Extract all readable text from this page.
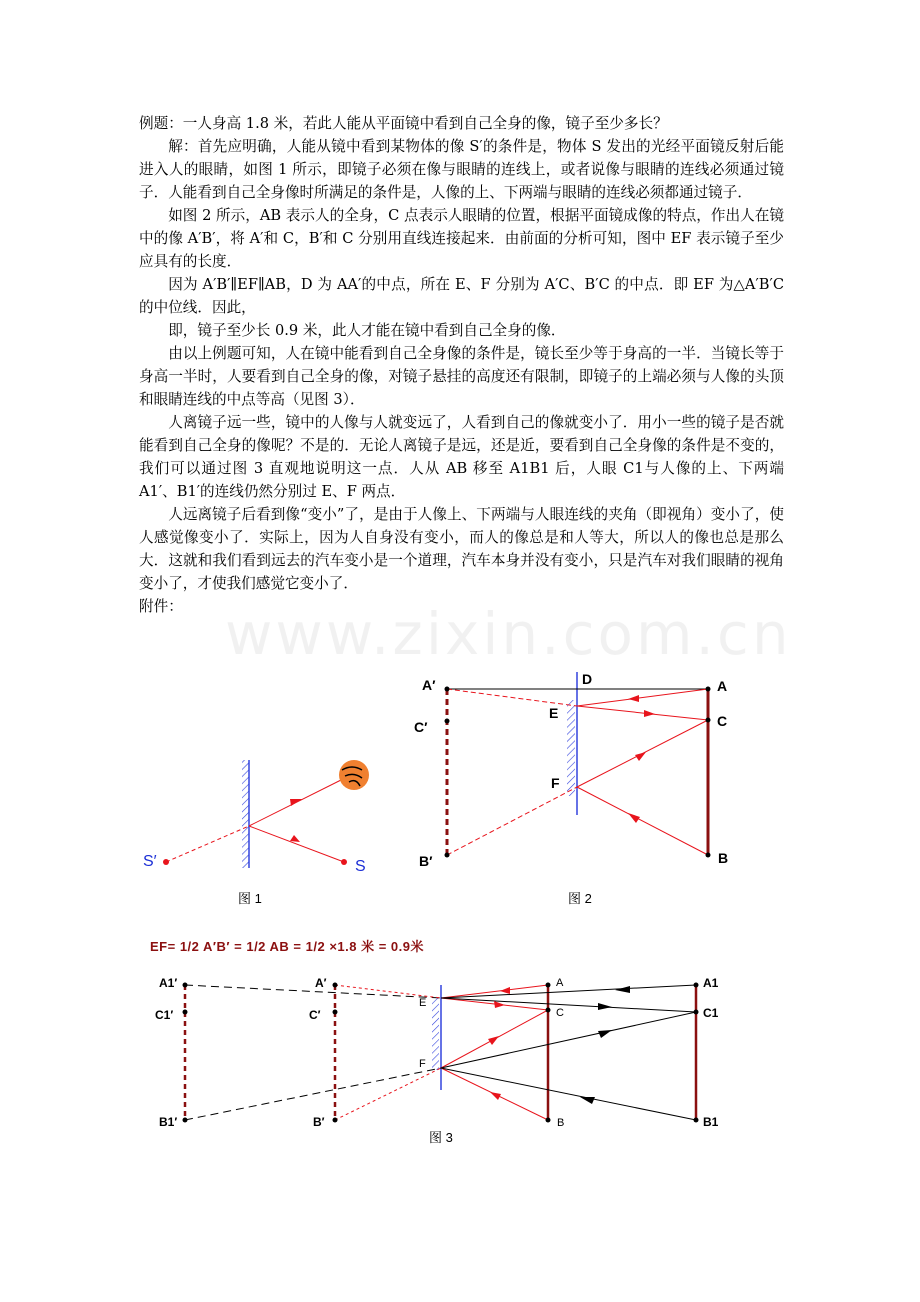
www.zixin.com.cn

例题：一人身高 1.8 米，若此人能从平面镜中看到自己全身的像，镜子至少多长？

解：首先应明确，人能从镜中看到某物体的像 S′的条件是，物体 S 发出的光经平面镜反射后能进入人的眼睛，如图 1 所示，即镜子必须在像与眼睛的连线上，或者说像与眼睛的连线必须通过镜子．人能看到自己全身像时所满足的条件是，人像的上、下两端与眼睛的连线必须都通过镜子．

如图 2 所示，AB 表示人的全身，C 点表示人眼睛的位置，根据平面镜成像的特点，作出人在镜中的像 A′B′，将 A′和 C，B′和 C 分别用直线连接起来．由前面的分析可知，图中 EF 表示镜子至少应具有的长度．

因为 A′B′∥EF∥AB，D 为 AA′的中点，所在 E、F 分别为 A′C、B′C 的中点．即 EF 为△A′B′C 的中位线．因此，

即，镜子至少长 0.9 米，此人才能在镜中看到自己全身的像．

由以上例题可知，人在镜中能看到自己全身像的条件是，镜长至少等于身高的一半．当镜长等于身高一半时，人要看到自己全身的像，对镜子悬挂的高度还有限制，即镜子的上端必须与人像的头顶和眼睛连线的中点等高（见图 3）．

人离镜子远一些，镜中的人像与人就变远了，人看到自己的像就变小了．用小一些的镜子是否就能看到自己全身的像呢？不是的．无论人离镜子是远，还是近，要看到自己全身像的条件是不变的，我们可以通过图 3 直观地说明这一点．人从 AB 移至 A1B1 后，人眼 C1与人像的上、下两端 A1′、B1′的连线仍然分别过 E、F 两点．

人远离镜子后看到像“变小”了，是由于人像上、下两端与人眼连线的夹角（即视角）变小了，使人感觉像变小了．实际上，因为人自身没有变小，而人的像总是和人等大，所以人的像也总是那么大．这就和我们看到远去的汽车变小是一个道理，汽车本身并没有变小，只是汽车对我们眼睛的视角变小了，才使我们感觉它变小了．

附件：

S′	S
图 1
A′
C′
B′
D
E
F
A
C
B
图 2
EF= 1/2 A′B′ = 1/2 AB = 1/2 ×1.8 米 = 0.9米
A1′
C1′
B1′
A′
C′
B′
E
F
A
C
B
A1
C1
B1
图 3
